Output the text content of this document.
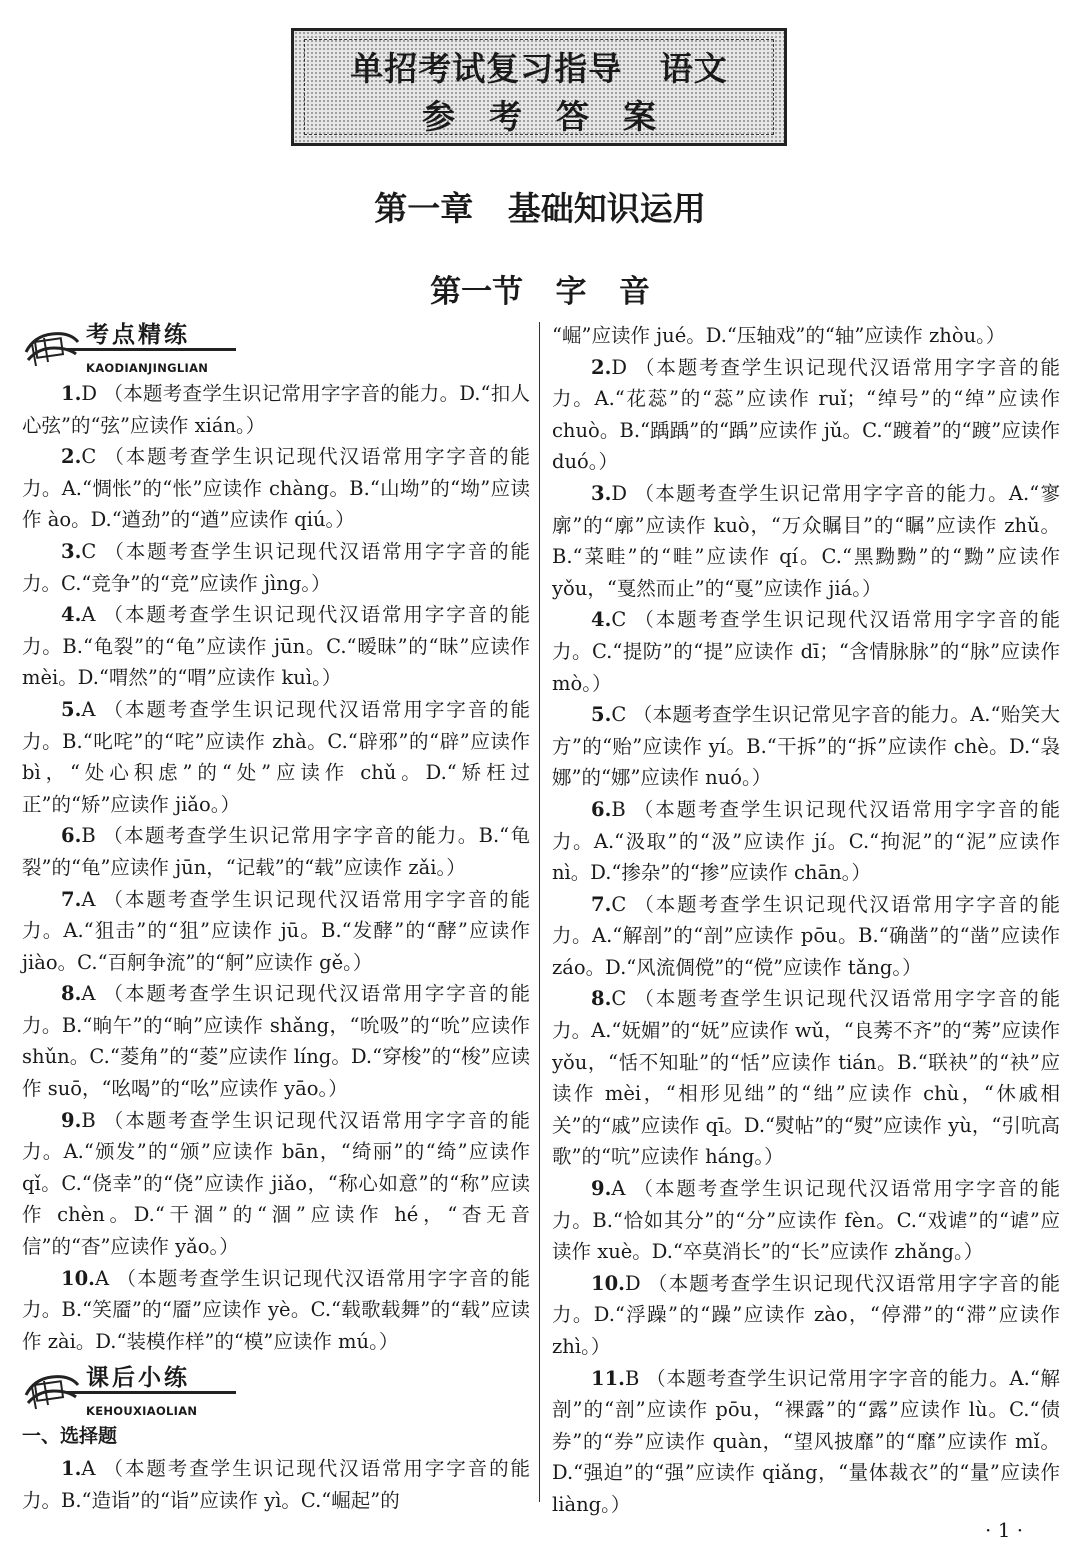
单招考试复习指导   语文
参考答案
第一章   基础知识运用
第一节   字   音
考点精练
KAODIANJINGLIAN

1.D （本题考查学生识记常用字字音的能力。D.“扣人心弦”的“弦”应读作 xián。）

2.C （本题考查学生识记现代汉语常用字字音的能力。A.“惆怅”的“怅”应读作 chàng。B.“山坳”的“坳”应读作 ào。D.“遒劲”的“遒”应读作 qiú。）

3.C （本题考查学生识记现代汉语常用字字音的能力。C.“竞争”的“竞”应读作 jìng。）

4.A （本题考查学生识记现代汉语常用字字音的能力。B.“龟裂”的“龟”应读作 jūn。C.“暧昧”的“昧”应读作 mèi。D.“喟然”的“喟”应读作 kuì。）

5.A （本题考查学生识记现代汉语常用字字音的能力。B.“叱咤”的“咤”应读作 zhà。C.“辟邪”的“辟”应读作 bì，“处心积虑”的“处”应读作 chǔ。D.“矫枉过正”的“矫”应读作 jiǎo。）

6.B （本题考查学生识记常用字字音的能力。B.“龟裂”的“龟”应读作 jūn，“记载”的“载”应读作 zǎi。）

7.A （本题考查学生识记现代汉语常用字字音的能力。A.“狙击”的“狙”应读作 jū。B.“发酵”的“酵”应读作 jiào。C.“百舸争流”的“舸”应读作 gě。）

8.A （本题考查学生识记现代汉语常用字字音的能力。B.“晌午”的“晌”应读作 shǎng，“吮吸”的“吮”应读作 shǔn。C.“菱角”的“菱”应读作 líng。D.“穿梭”的“梭”应读作 suō，“吆喝”的“吆”应读作 yāo。）

9.B （本题考查学生识记现代汉语常用字字音的能力。A.“颁发”的“颁”应读作 bān，“绮丽”的“绮”应读作 qǐ。C.“侥幸”的“侥”应读作 jiǎo，“称心如意”的“称”应读作 chèn。D.“干涸”的“涸”应读作 hé，“杳无音信”的“杳”应读作 yǎo。）

10.A （本题考查学生识记现代汉语常用字字音的能力。B.“笑靥”的“靥”应读作 yè。C.“载歌载舞”的“载”应读作 zài。D.“装模作样”的“模”应读作 mú。）

课后小练
KEHOUXIAOLIAN
一、选择题

1.A （本题考查学生识记现代汉语常用字字音的能力。B.“造诣”的“诣”应读作 yì。C.“崛起”的

“崛”应读作 jué。D.“压轴戏”的“轴”应读作 zhòu。）

2.D （本题考查学生识记现代汉语常用字字音的能力。A.“花蕊”的“蕊”应读作 ruǐ；“绰号”的“绰”应读作 chuò。B.“踽踽”的“踽”应读作 jǔ。C.“踱着”的“踱”应读作 duó。）

3.D （本题考查学生识记常用字字音的能力。A.“寥廓”的“廓”应读作 kuò，“万众瞩目”的“瞩”应读作 zhǔ。B.“菜畦”的“畦”应读作 qí。C.“黑黝黝”的“黝”应读作 yǒu，“戛然而止”的“戛”应读作 jiá。）

4.C （本题考查学生识记现代汉语常用字字音的能力。C.“提防”的“提”应读作 dī；“含情脉脉”的“脉”应读作 mò。）

5.C （本题考查学生识记常见字音的能力。A.“贻笑大方”的“贻”应读作 yí。B.“干拆”的“拆”应读作 chè。D.“袅娜”的“娜”应读作 nuó。）

6.B （本题考查学生识记现代汉语常用字字音的能力。A.“汲取”的“汲”应读作 jí。C.“拘泥”的“泥”应读作 nì。D.“掺杂”的“掺”应读作 chān。）

7.C （本题考查学生识记现代汉语常用字字音的能力。A.“解剖”的“剖”应读作 pōu。B.“确凿”的“凿”应读作 záo。D.“风流倜傥”的“傥”应读作 tǎng。）

8.C （本题考查学生识记现代汉语常用字字音的能力。A.“妩媚”的“妩”应读作 wǔ，“良莠不齐”的“莠”应读作 yǒu，“恬不知耻”的“恬”应读作 tián。B.“联袂”的“袂”应读作 mèi，“相形见绌”的“绌”应读作 chù，“休戚相关”的“戚”应读作 qī。D.“熨帖”的“熨”应读作 yù，“引吭高歌”的“吭”应读作 háng。）

9.A （本题考查学生识记现代汉语常用字字音的能力。B.“恰如其分”的“分”应读作 fèn。C.“戏谑”的“谑”应读作 xuè。D.“卒莫消长”的“长”应读作 zhǎng。）

10.D （本题考查学生识记现代汉语常用字字音的能力。D.“浮躁”的“躁”应读作 zào，“停滞”的“滞”应读作 zhì。）

11.B （本题考查学生识记常用字字音的能力。A.“解剖”的“剖”应读作 pōu，“裸露”的“露”应读作 lù。C.“债券”的“券”应读作 quàn，“望风披靡”的“靡”应读作 mǐ。D.“强迫”的“强”应读作 qiǎng，“量体裁衣”的“量”应读作 liàng。）

· 1 ·
